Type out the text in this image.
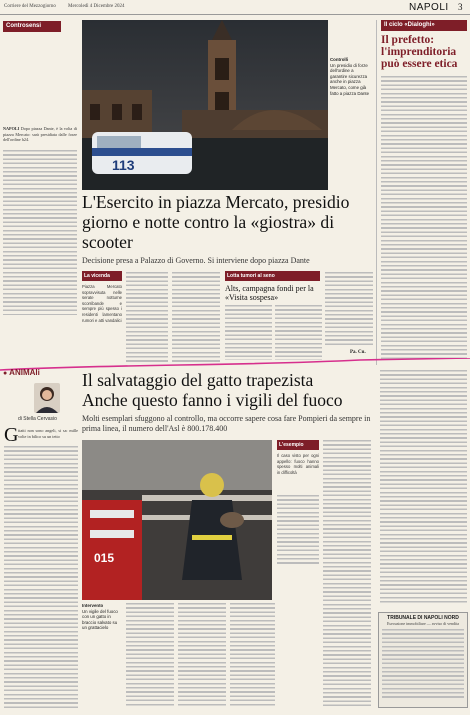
Corriere del Mezzogiorno Mercoledì 4 Dicembre 2024	NAPOLI 3
Controsensi
NAPOLI Dopo piazza Dante, è la volta di piazza Mercato: sarà presidiata dalle forze dell'ordine h24.
113
Controlli
Un presidio di forze dell'ordine a garantire sicurezza anche in piazza Mercato, come già fatto a piazza Dante
Il ciclo «Dialoghi»
Il prefetto: l'imprenditoria può essere etica
L'Esercito in piazza Mercato, presidio giorno e notte contro la «giostra» di scooter
Decisione presa a Palazzo di Governo. Si interviene dopo piazza Dante
La vicenda
Piazza Mercato sopravvisuta nelle serate notturne scorribande e sempre più spesso i residenti lamentano rumori e atti vandalici
Lotta tumori al seno
Alts, campagna fondi per la «Visita sospesa»
Pa. Cu.
● ANIMAli
di Stella Cervasio
G ttatti non sono angeli, si sa: mille volte in bilico su un tetto
Il salvataggio del gatto trapezista
Anche questo fanno i vigili del fuoco
Molti esemplari sfuggono al controllo, ma occorre sapere cosa fare Pompieri da sempre in prima linea, il numero dell'Asl è 800.178.400
015
Intervento
Un vigile del fuoco con un gatto in braccio salvato su un grattacielo
L'esempio
Il caso visto per ogni appello: fuoco hanno spesso molti animali in difficoltà
TRIBUNALE DI NAPOLI NORD
Esecuzione immobiliare — avviso di vendita
